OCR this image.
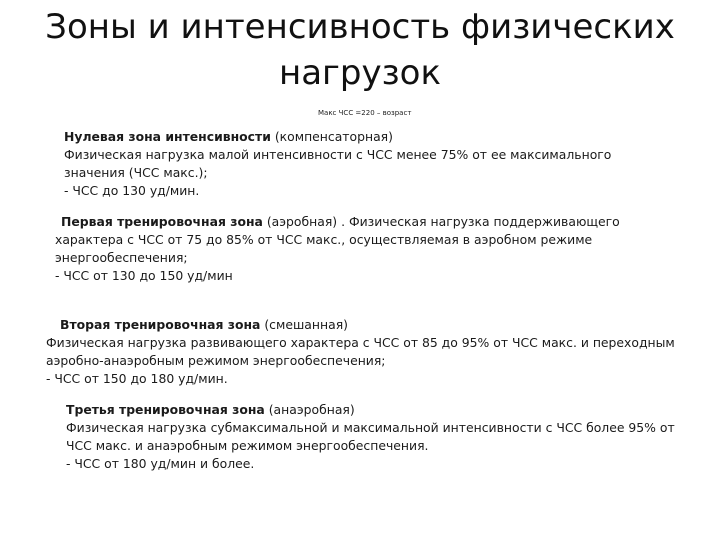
Зоны и интенсивность физических
нагрузок
Макс ЧСС =220 – возраст
Нулевая зона интенсивности (компенсаторная)
Физическая нагрузка малой интенсивности с ЧСС менее 75% от ее максимального
значения (ЧСС макс.);
- ЧСС до 130 уд/мин.
Первая тренировочная зона (аэробная) . Физическая нагрузка поддерживающего
характера с ЧСС от 75 до 85% от ЧСС макс., осуществляемая в аэробном режиме
энергообеспечения;
- ЧСС от 130 до 150 уд/мин
Вторая тренировочная зона (смешанная)
Физическая нагрузка развивающего характера с ЧСС от 85 до 95% от ЧСС макс. и переходным
аэробно-анаэробным режимом энергообеспечения;
- ЧСС от 150 до 180 уд/мин.
Третья тренировочная зона (анаэробная)
Физическая нагрузка субмаксимальной и максимальной интенсивности с ЧСС более 95% от
ЧСС макс. и анаэробным режимом энергообеспечения.
- ЧСС от 180 уд/мин и более.
